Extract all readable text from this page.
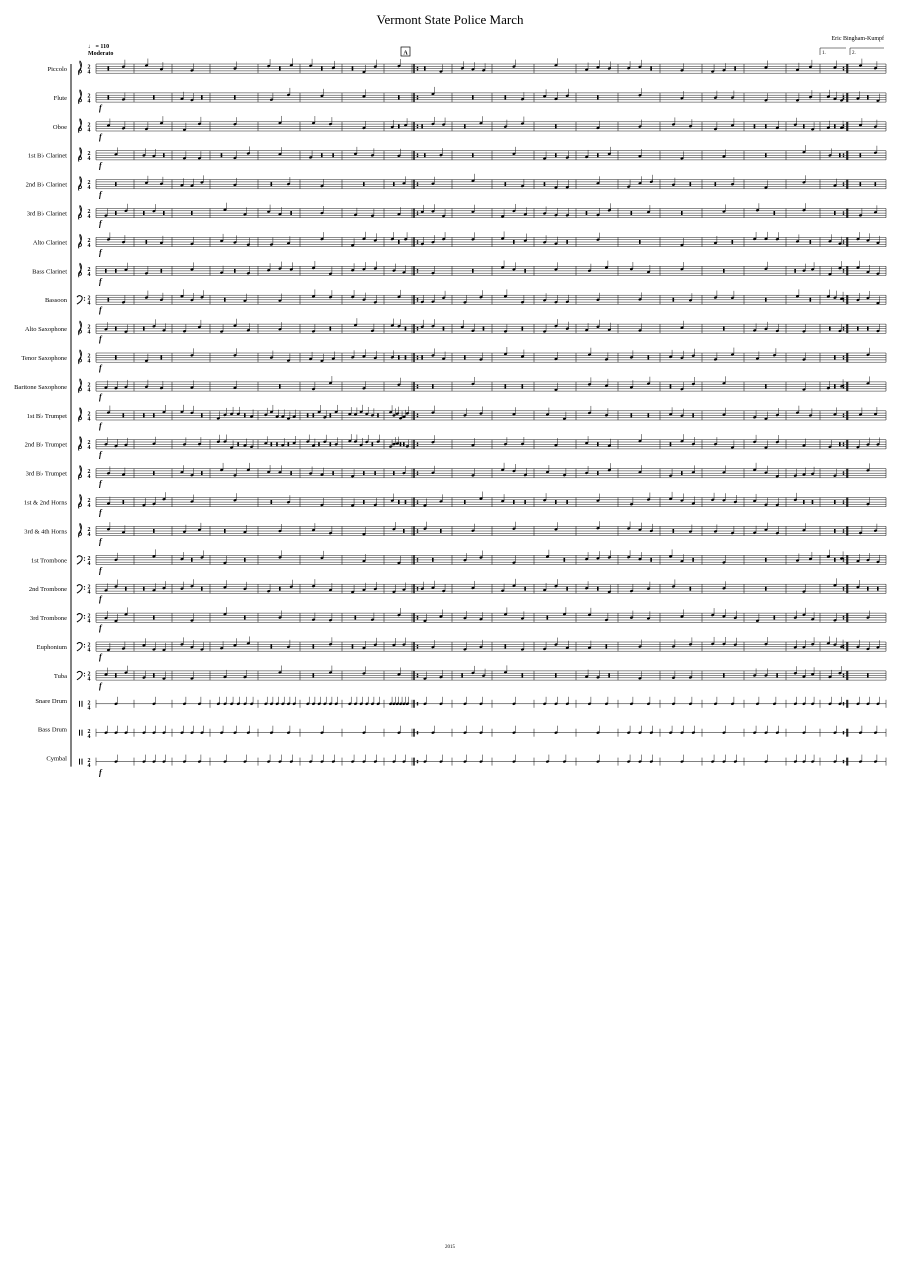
Vermont State Police March
Eric Bingham-Kumpf
♩ = 110
Moderato	A	1.	2.
Piccolo	2
4
Flute	2
4
f
Oboe	2
4
f
1st B♭ Clarinet	2
4
f
2nd B♭ Clarinet	2
4
f
3rd B♭ Clarinet	2
4
f
Alto Clarinet	2
4
f
Bass Clarinet	2
4
f
Bassoon	2
4
f
Alto Saxophone	2
4
f
Tenor Saxophone	2
4
f
Baritone Saxophone	2
4
f
1st B♭ Trumpet	2
4
f
2nd B♭ Trumpet	2
4
f
3rd B♭ Trumpet	2
4
f
1st & 2nd Horns	2
4
f
3rd & 4th Horns	2
4
f
1st Trombone	2
4
f
2nd Trombone	2
4
f
3rd Trombone	2
4
f
Euphonium	2
4
f
Tuba	2
4
f
Snare Drum	2
4
Bass Drum	2
4
Cymbal	2
4
f
2015
